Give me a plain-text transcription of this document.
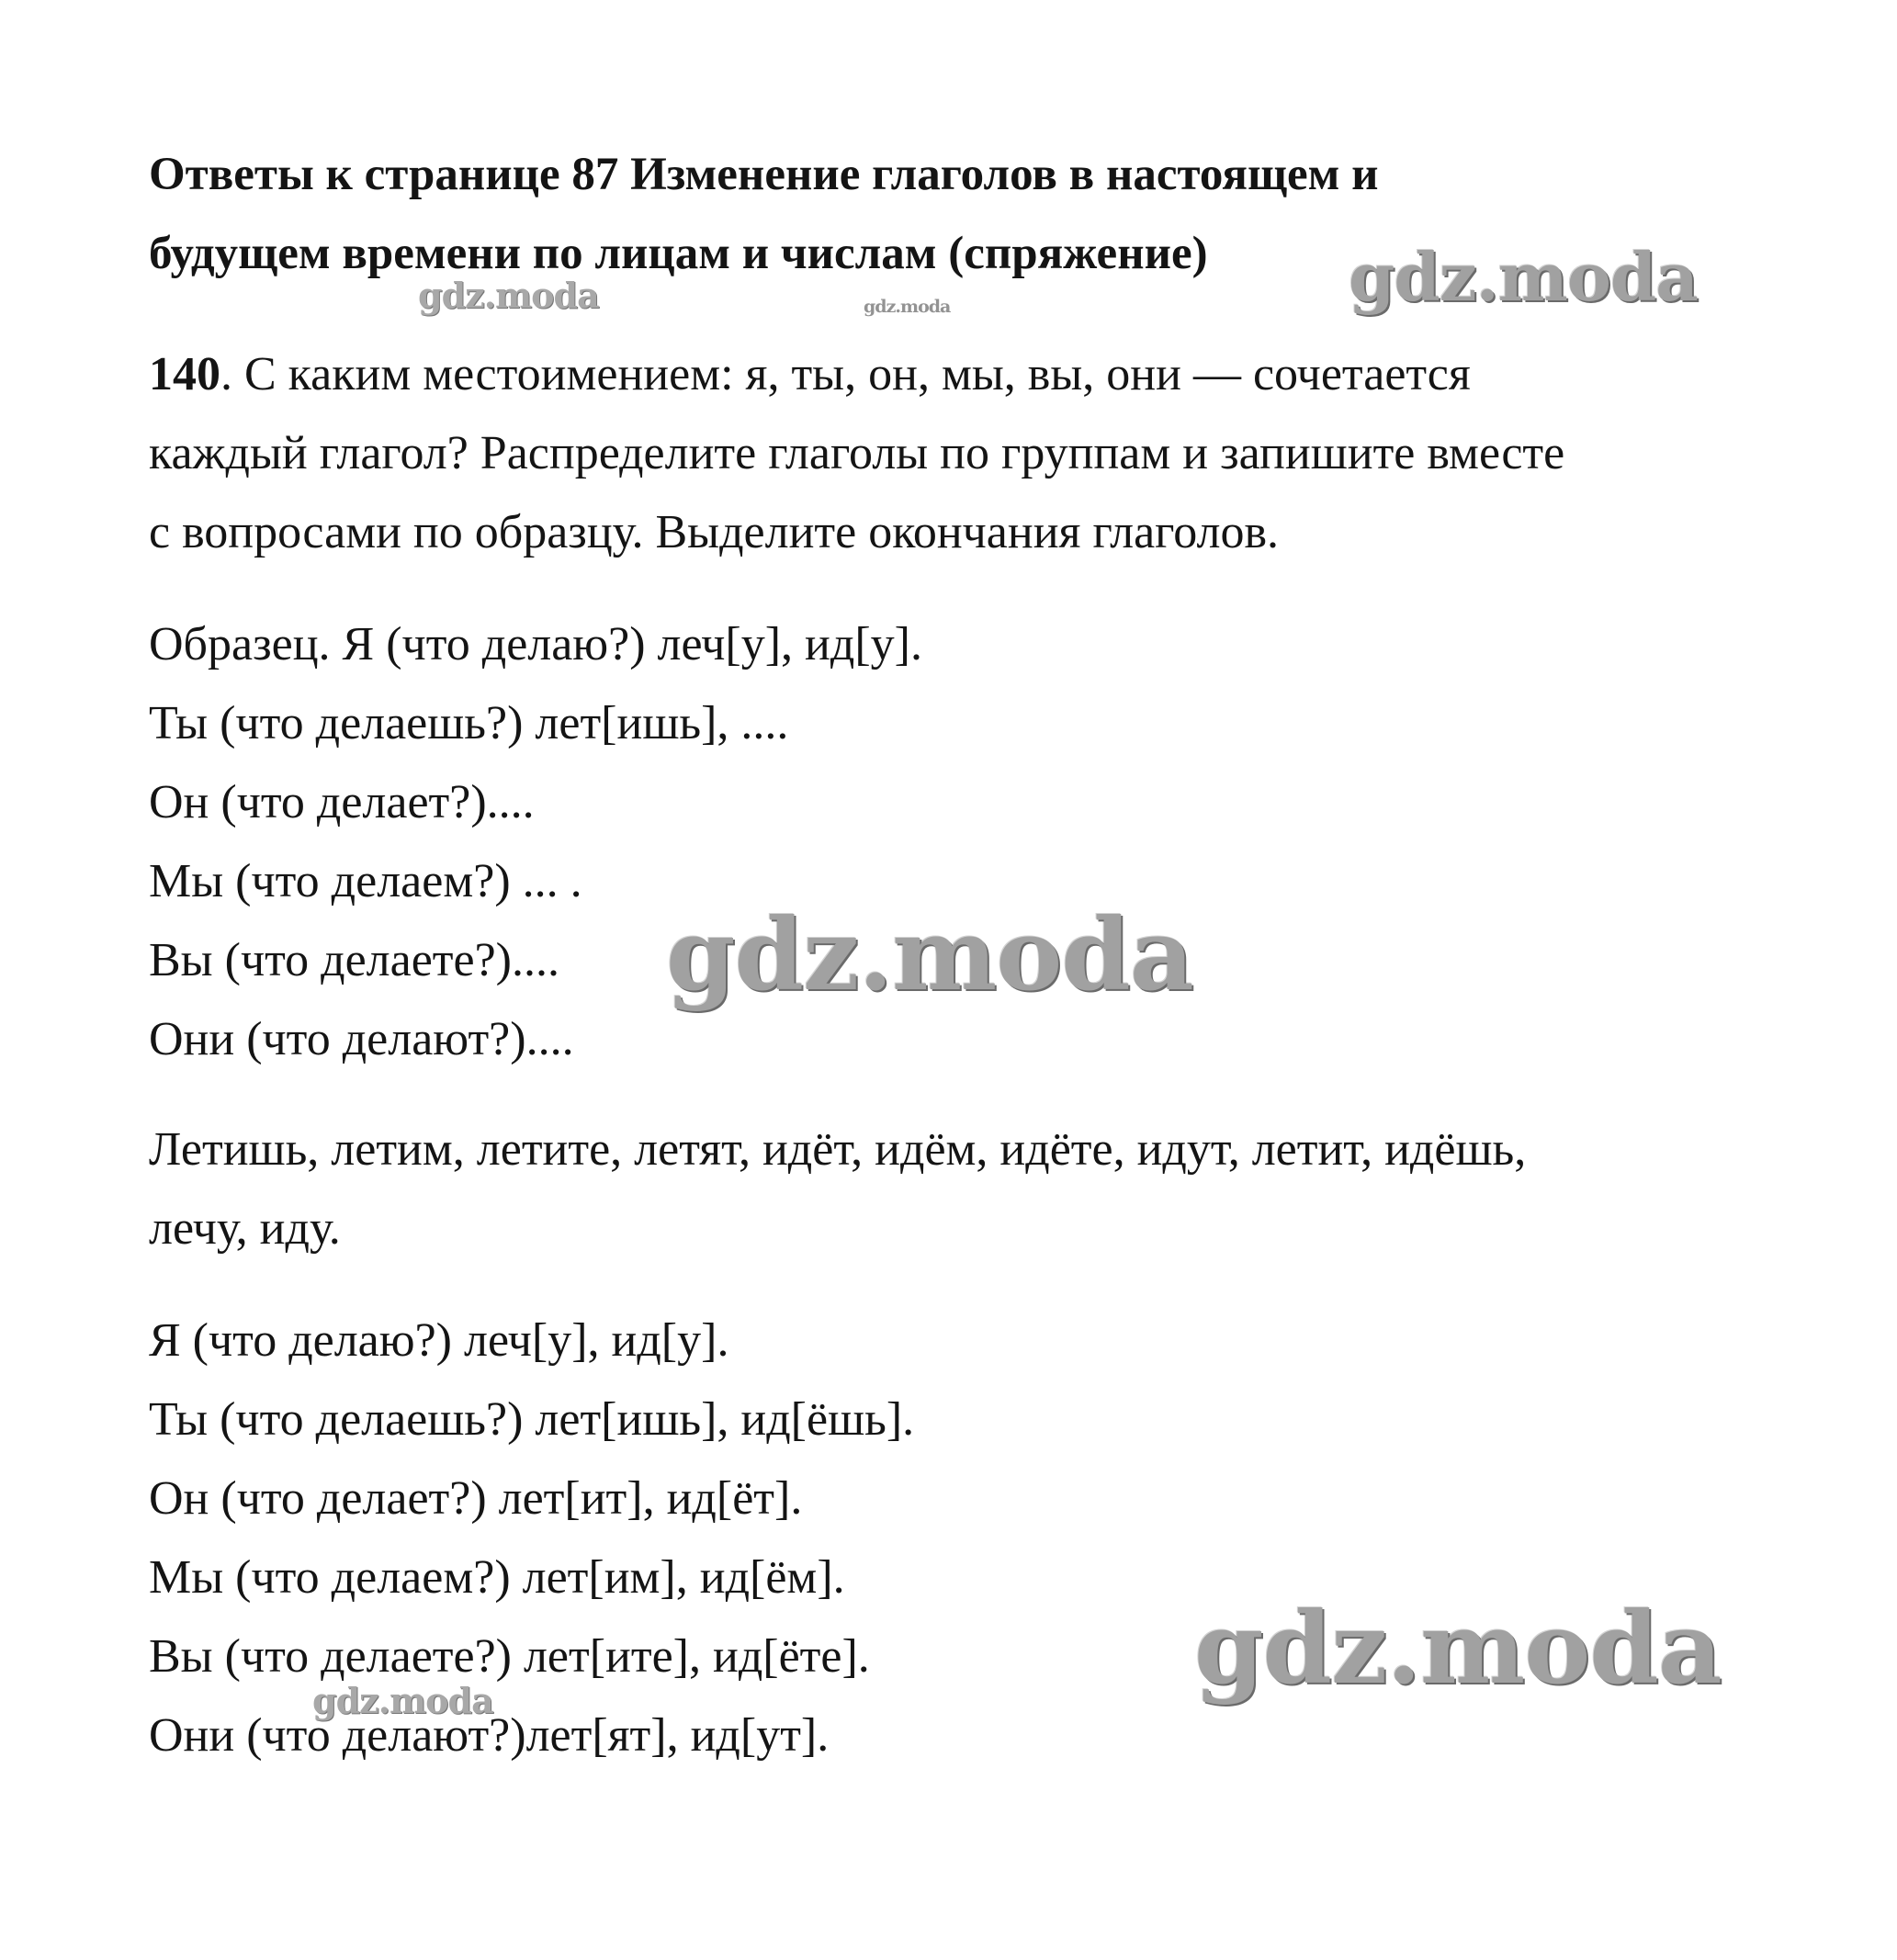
Ответы к странице 87 Изменение глаголов в настоящем и
будущем времени по лицам и числам (спряжение)
140. С каким местоимением: я, ты, он, мы, вы, они — сочетается
каждый глагол? Распределите глаголы по группам и запишите вместе
с вопросами по образцу. Выделите окончания глаголов.
Образец. Я (что делаю?) леч[у], ид[у].
Ты (что делаешь?) лет[ишь], ....
Он (что делает?)....
Мы (что делаем?) ... .
Вы (что делаете?)....
Они (что делают?)....
Летишь, летим, летите, летят, идёт, идём, идёте, идут, летит, идёшь,
лечу, иду.
Я (что делаю?) леч[у], ид[у].
Ты (что делаешь?) лет[ишь], ид[ёшь].
Он (что делает?) лет[ит], ид[ёт].
Мы (что делаем?) лет[им], ид[ём].
Вы (что делаете?) лет[ите], ид[ёте].
Они (что делают?)лет[ят], ид[ут].
gdz.moda
gdz.moda	gdz.moda
gdz.moda
gdz.moda
gdz.moda
